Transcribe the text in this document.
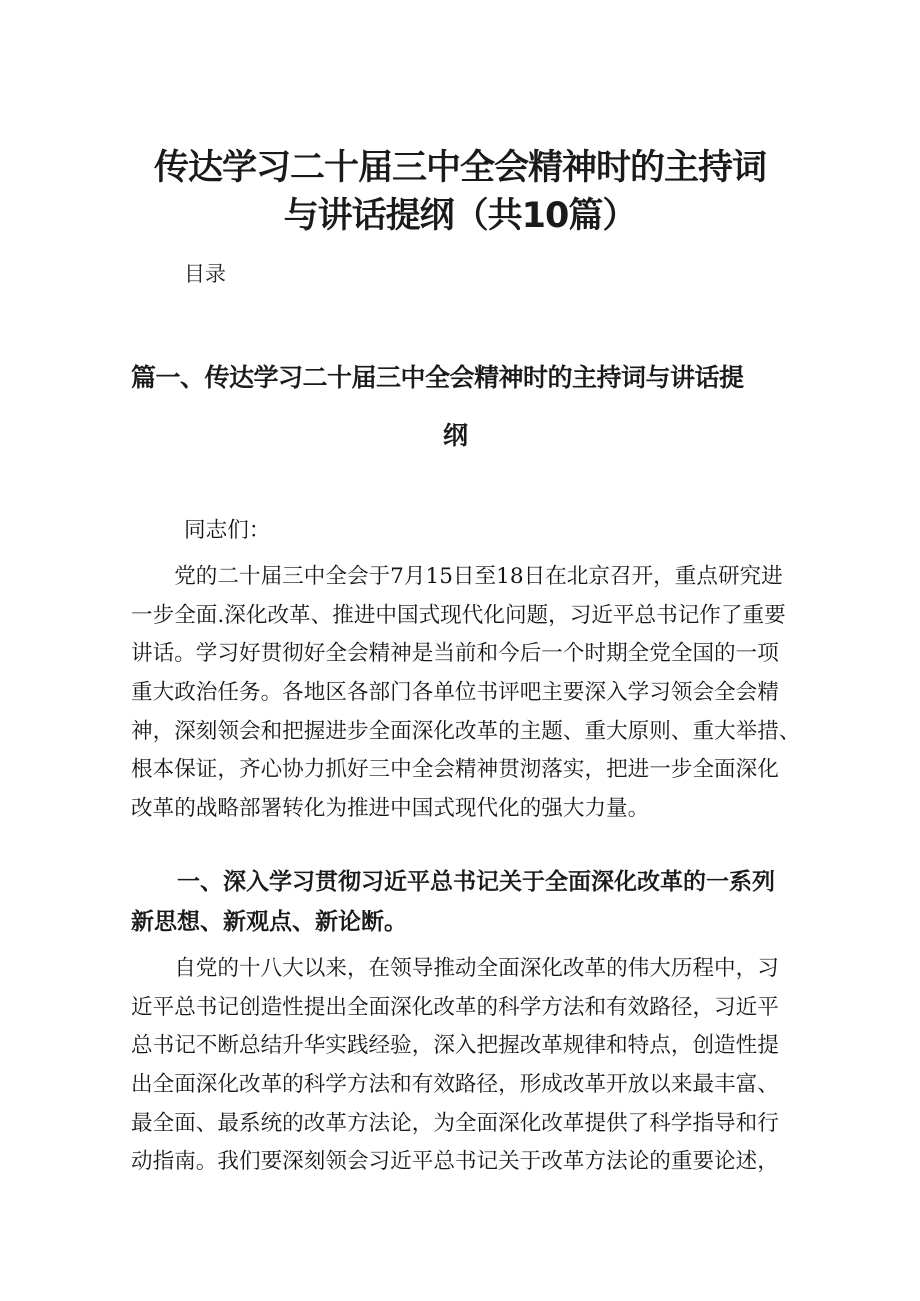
传达学习二十届三中全会精神时的主持词
与讲话提纲（共10篇）
目录
篇一、传达学习二十届三中全会精神时的主持词与讲话提
纲
同志们：
　　党的二十届三中全会于7月15日至18日在北京召开，重点研究进
一步全面.深化改革、推进中国式现代化问题，习近平总书记作了重要
讲话。学习好贯彻好全会精神是当前和今后一个时期全党全国的一项
重大政治任务。各地区各部门各单位书评吧主要深入学习领会全会精
神，深刻领会和把握进步全面深化改革的主题、重大原则、重大举措、
根本保证，齐心协力抓好三中全会精神贯沏落实，把进一步全面深化
改革的战略部署转化为推进中国式现代化的强大力量。
　　一、深入学习贯彻习近平总书记关于全面深化改革的一系列
新思想、新观点、新论断。
　　自党的十八大以来，在领导推动全面深化改革的伟大历程中，习
近平总书记创造性提出全面深化改革的科学方法和有效路径，习近平
总书记不断总结升华实践经验，深入把握改革规律和特点，创造性提
出全面深化改革的科学方法和有效路径，形成改革开放以来最丰富、
最全面、最系统的改革方法论，为全面深化改革提供了科学指导和行
动指南。我们要深刻领会习近平总书记关于改革方法论的重要论述，
